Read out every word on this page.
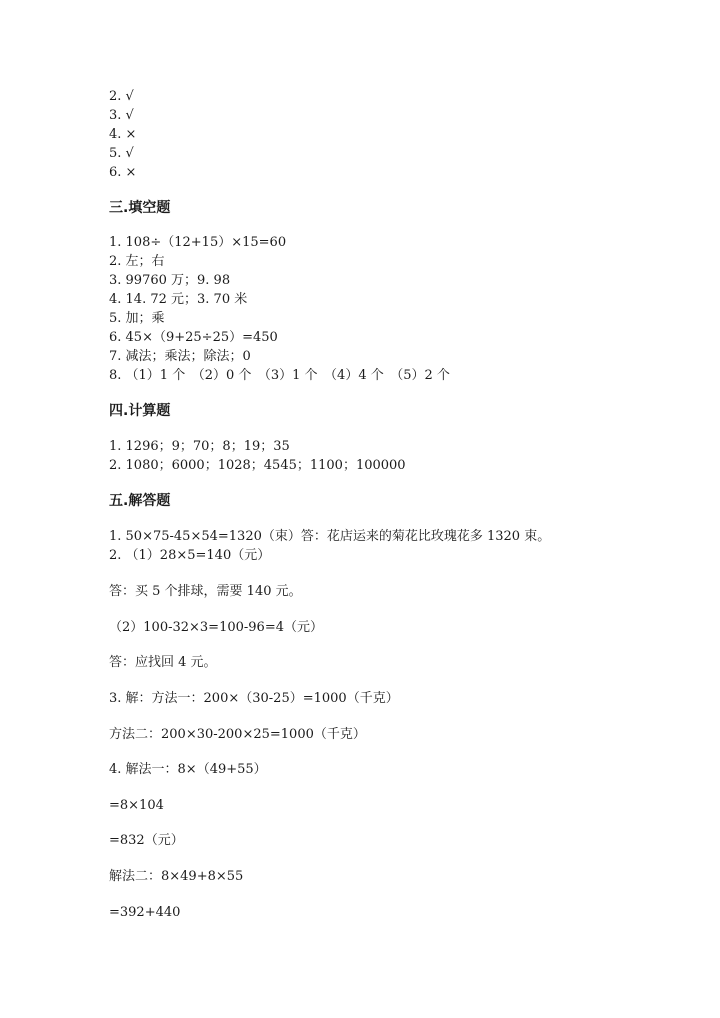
2. √
3. √
4. ×
5. √
6. ×
三.填空题
1. 108÷（12+15）×15=60
2. 左；右
3. 99760 万；9. 98
4. 14. 72 元；3. 70 米
5. 加；乘
6. 45×（9+25÷25）=450
7. 减法；乘法；除法；0
8. （1）1 个　（2）0 个　（3）1 个　（4）4 个　（5）2 个
四.计算题
1. 1296；9；70；8；19；35
2. 1080；6000；1028；4545；1100；100000
五.解答题
1. 50×75-45×54=1320（束）答：花店运来的菊花比玫瑰花多 1320 束。
2. （1）28×5=140（元）
答：买 5 个排球，需要 140 元。
（2）100-32×3=100-96=4（元）
答：应找回 4 元。
3. 解：方法一：200×（30-25）=1000（千克）
方法二：200×30-200×25=1000（千克）
4. 解法一：8×（49+55）
=8×104
=832（元）
解法二：8×49+8×55
=392+440
